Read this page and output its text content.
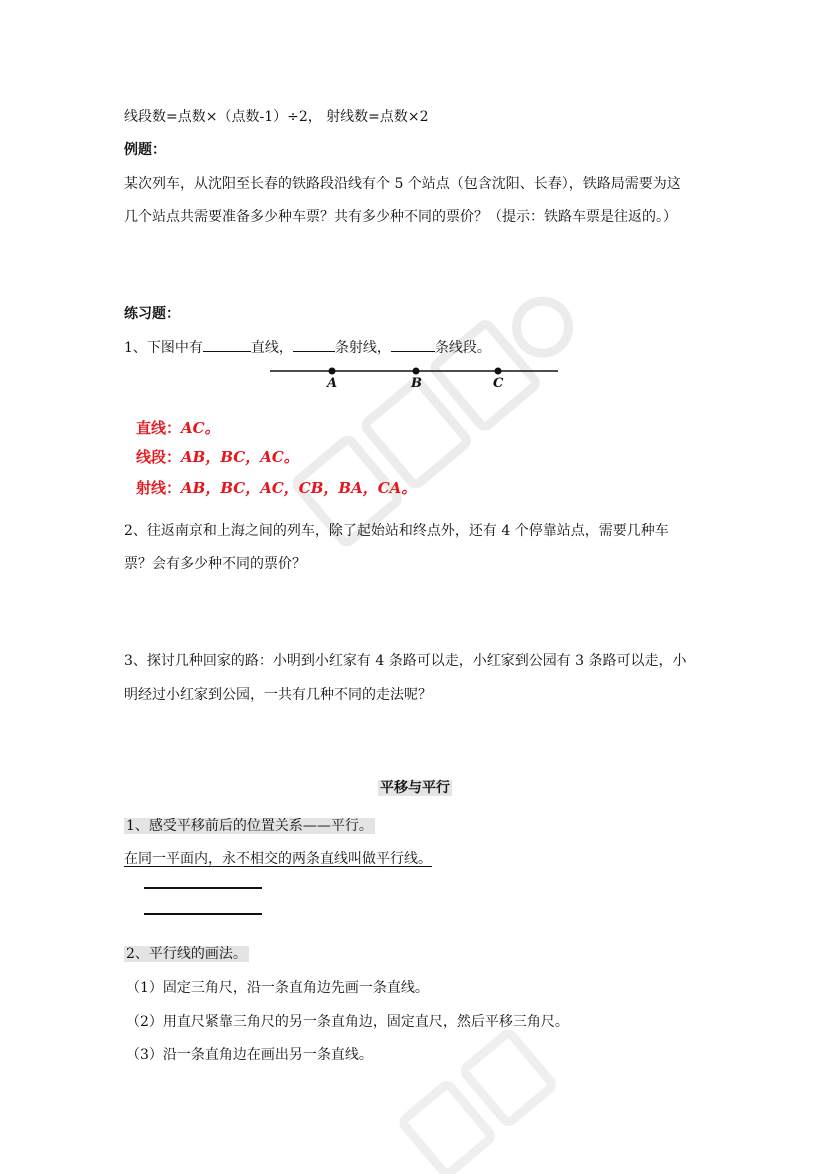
线段数=点数×（点数-1）÷2， 射线数=点数×2
例题：
某次列车，从沈阳至长春的铁路段沿线有个 5 个站点（包含沈阳、长春），铁路局需要为这
几个站点共需要准备多少种车票？共有多少种不同的票价？（提示：铁路车票是往返的。）
练习题：
1、下图中有	直线，	条射线，	条线段。
A	B	C
直线：AC。
线段：AB，BC，AC。
射线：AB，BC，AC，CB，BA，CA。
2、往返南京和上海之间的列车，除了起始站和终点外，还有 4 个停靠站点，需要几种车
票？会有多少种不同的票价？
3、探讨几种回家的路：小明到小红家有 4 条路可以走，小红家到公园有 3 条路可以走，小
明经过小红家到公园，一共有几种不同的走法呢？
平移与平行
1、感受平移前后的位置关系——平行。
在同一平面内，永不相交的两条直线叫做平行线。
2、平行线的画法。
（1）固定三角尺，沿一条直角边先画一条直线。
（2）用直尺紧靠三角尺的另一条直角边，固定直尺，然后平移三角尺。
（3）沿一条直角边在画出另一条直线。
